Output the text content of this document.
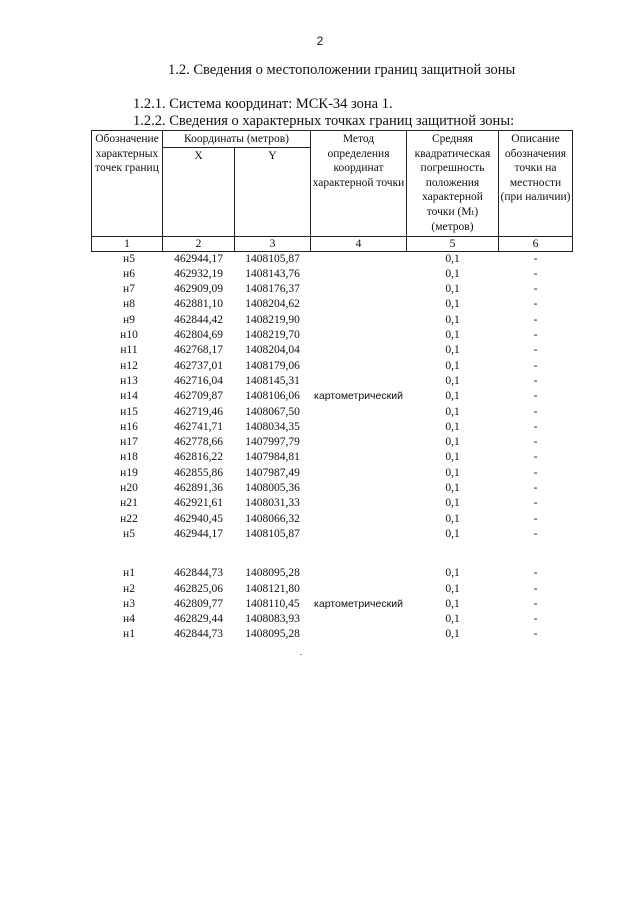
2
1.2. Сведения о местоположении границ защитной зоны
1.2.1. Система координат: МСК-34 зона 1.
1.2.2. Сведения о характерных точках границ защитной зоны:
Обозначение характерных точек границ	Координаты (метров)		Метод определения координат характерной точки	Средняя квадратическая погрешность положения характерной точки (Mₜ) (метров)	Описание обозначения точки на местности (при наличии)
	X	Y			
1	2	3	4	5	6
н5	462944,17	1408105,87		0,1	-
н6	462932,19	1408143,76		0,1	-
н7	462909,09	1408176,37		0,1	-
н8	462881,10	1408204,62		0,1	-
н9	462844,42	1408219,90		0,1	-
н10	462804,69	1408219,70		0,1	-
н11	462768,17	1408204,04		0,1	-
н12	462737,01	1408179,06		0,1	-
н13	462716,04	1408145,31		0,1	-
н14	462709,87	1408106,06	картометрический	0,1	-
н15	462719,46	1408067,50		0,1	-
н16	462741,71	1408034,35		0,1	-
н17	462778,66	1407997,79		0,1	-
н18	462816,22	1407984,81		0,1	-
н19	462855,86	1407987,49		0,1	-
н20	462891,36	1408005,36		0,1	-
н21	462921,61	1408031,33		0,1	-
н22	462940,45	1408066,32		0,1	-
н5	462944,17	1408105,87		0,1	-

н1	462844,73	1408095,28		0,1	-
н2	462825,06	1408121,80		0,1	-
н3	462809,77	1408110,45	картометрический	0,1	-
н4	462829,44	1408083,93		0,1	-
н1	462844,73	1408095,28		0,1	-
